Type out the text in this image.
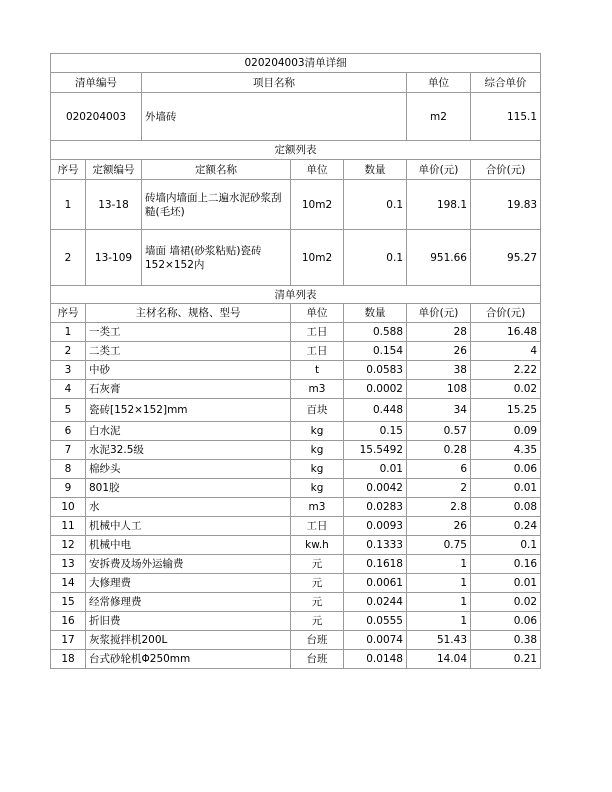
020204003清单详细						
清单编号		项目名称			单位	综合单价
020204003		外墙砖			m2	115.1
定额列表						
序号	定额编号	定额名称	单位	数量	单价(元)	合价(元)
1	13-18	砖墙内墙面上二遍水泥砂浆刮糙(毛坯)	10m2	0.1	198.1	19.83
2	13-109	墙面 墙裙(砂浆粘贴)瓷砖152×152内	10m2	0.1	951.66	95.27
清单列表						
序号	主材名称、规格、型号		单位	数量	单价(元)	合价(元)
1	一类工		工日	0.588	28	16.48
2	二类工		工日	0.154	26	4
3	中砂		t	0.0583	38	2.22
4	石灰膏		m3	0.0002	108	0.02
5	瓷砖[152×152]mm		百块	0.448	34	15.25
6	白水泥		kg	0.15	0.57	0.09
7	水泥32.5级		kg	15.5492	0.28	4.35
8	棉纱头		kg	0.01	6	0.06
9	801胶		kg	0.0042	2	0.01
10	水		m3	0.0283	2.8	0.08
11	机械中人工		工日	0.0093	26	0.24
12	机械中电		kw.h	0.1333	0.75	0.1
13	安拆费及场外运输费		元	0.1618	1	0.16
14	大修理费		元	0.0061	1	0.01
15	经常修理费		元	0.0244	1	0.02
16	折旧费		元	0.0555	1	0.06
17	灰浆搅拌机200L		台班	0.0074	51.43	0.38
18	台式砂轮机Φ250mm		台班	0.0148	14.04	0.21
